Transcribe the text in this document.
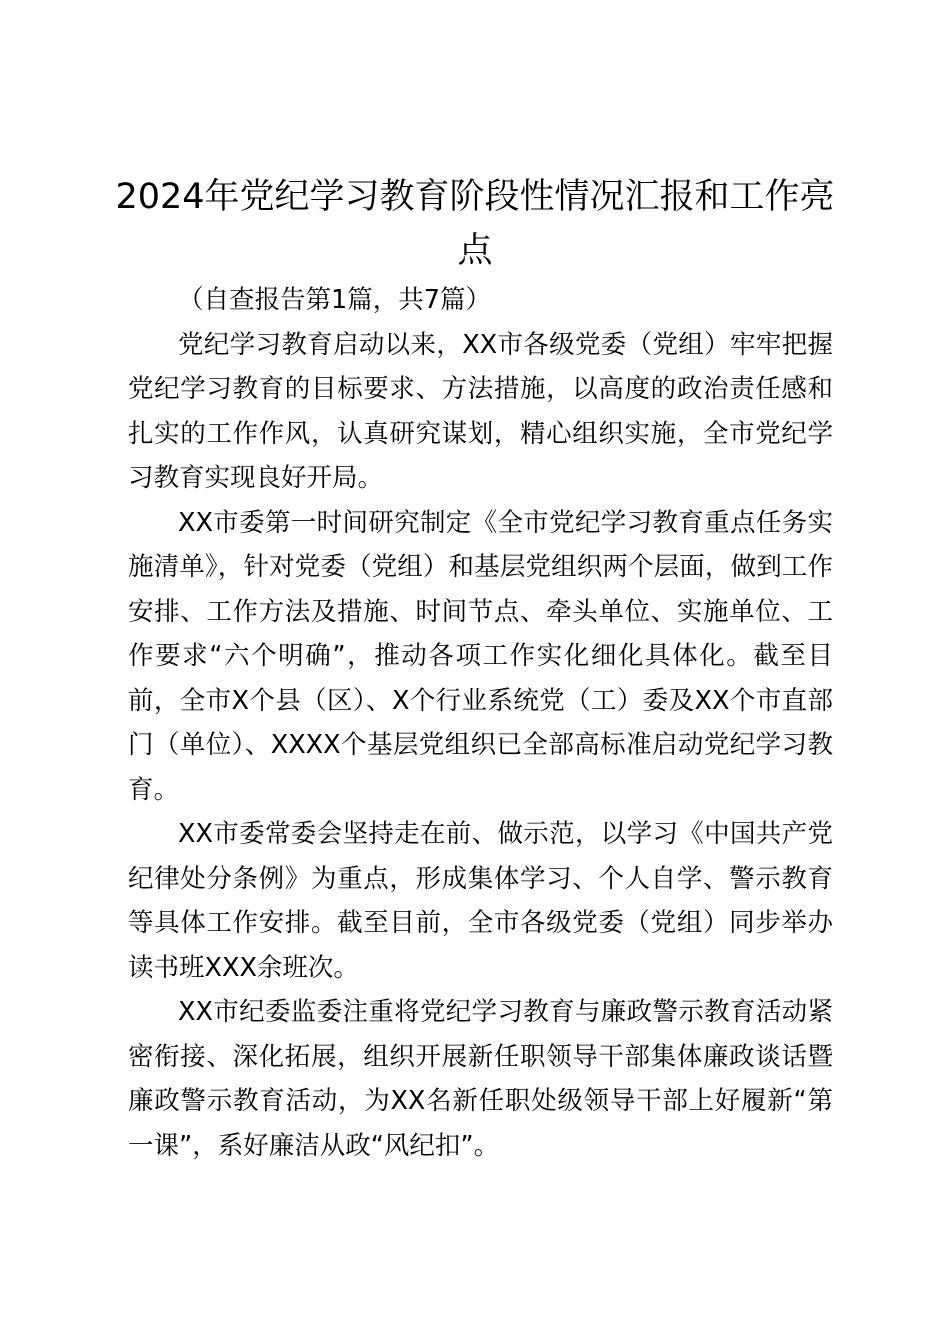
2024年党纪学习教育阶段性情况汇报和工作亮点

（自查报告第1篇，共7篇）

党纪学习教育启动以来，XX市各级党委（党组）牢牢把握党纪学习教育的目标要求、方法措施，以高度的政治责任感和扎实的工作作风，认真研究谋划，精心组织实施，全市党纪学习教育实现良好开局。

XX市委第一时间研究制定《全市党纪学习教育重点任务实施清单》，针对党委（党组）和基层党组织两个层面，做到工作安排、工作方法及措施、时间节点、牵头单位、实施单位、工作要求“六个明确”，推动各项工作实化细化具体化。截至目前，全市X个县（区）、X个行业系统党（工）委及XX个市直部门（单位）、XXXX个基层党组织已全部高标准启动党纪学习教育。

XX市委常委会坚持走在前、做示范，以学习《中国共产党纪律处分条例》为重点，形成集体学习、个人自学、警示教育等具体工作安排。截至目前，全市各级党委（党组）同步举办读书班XXX余班次。

XX市纪委监委注重将党纪学习教育与廉政警示教育活动紧密衔接、深化拓展，组织开展新任职领导干部集体廉政谈话暨廉政警示教育活动，为XX名新任职处级领导干部上好履新“第一课”，系好廉洁从政“风纪扣”。
